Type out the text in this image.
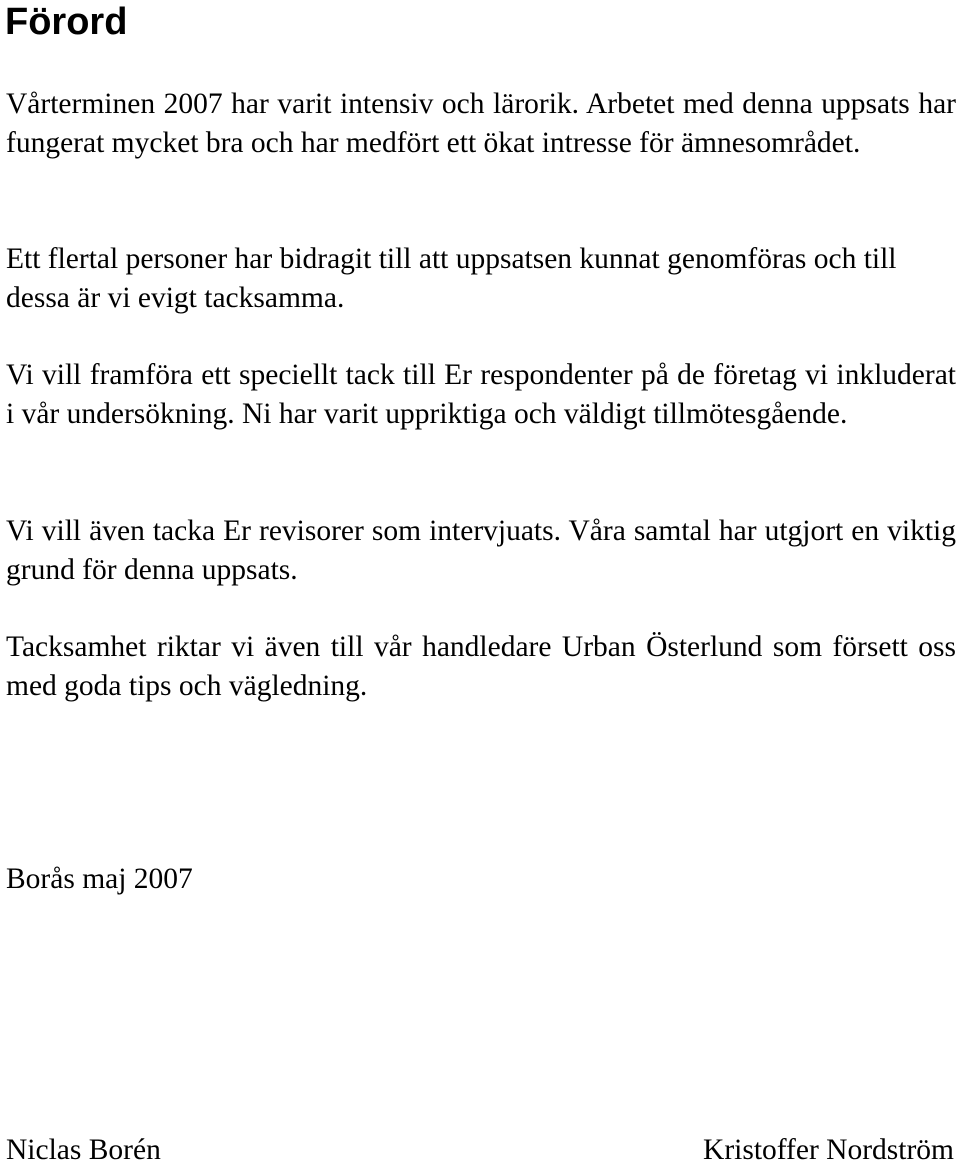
Förord

Vårterminen 2007 har varit intensiv och lärorik. Arbetet med denna uppsats har fungerat mycket bra och har medfört ett ökat intresse för ämnesområdet.

Ett flertal personer har bidragit till att uppsatsen kunnat genomföras och till dessa är vi evigt tacksamma.

Vi vill framföra ett speciellt tack till Er respondenter på de företag vi inkluderat i vår undersökning. Ni har varit uppriktiga och väldigt tillmötesgående.

Vi vill även tacka Er revisorer som intervjuats. Våra samtal har utgjort en viktig grund för denna uppsats.

Tacksamhet riktar vi även till vår handledare Urban Österlund som försett oss med goda tips och vägledning.

Borås maj 2007

Niclas Borén	Kristoffer Nordström
